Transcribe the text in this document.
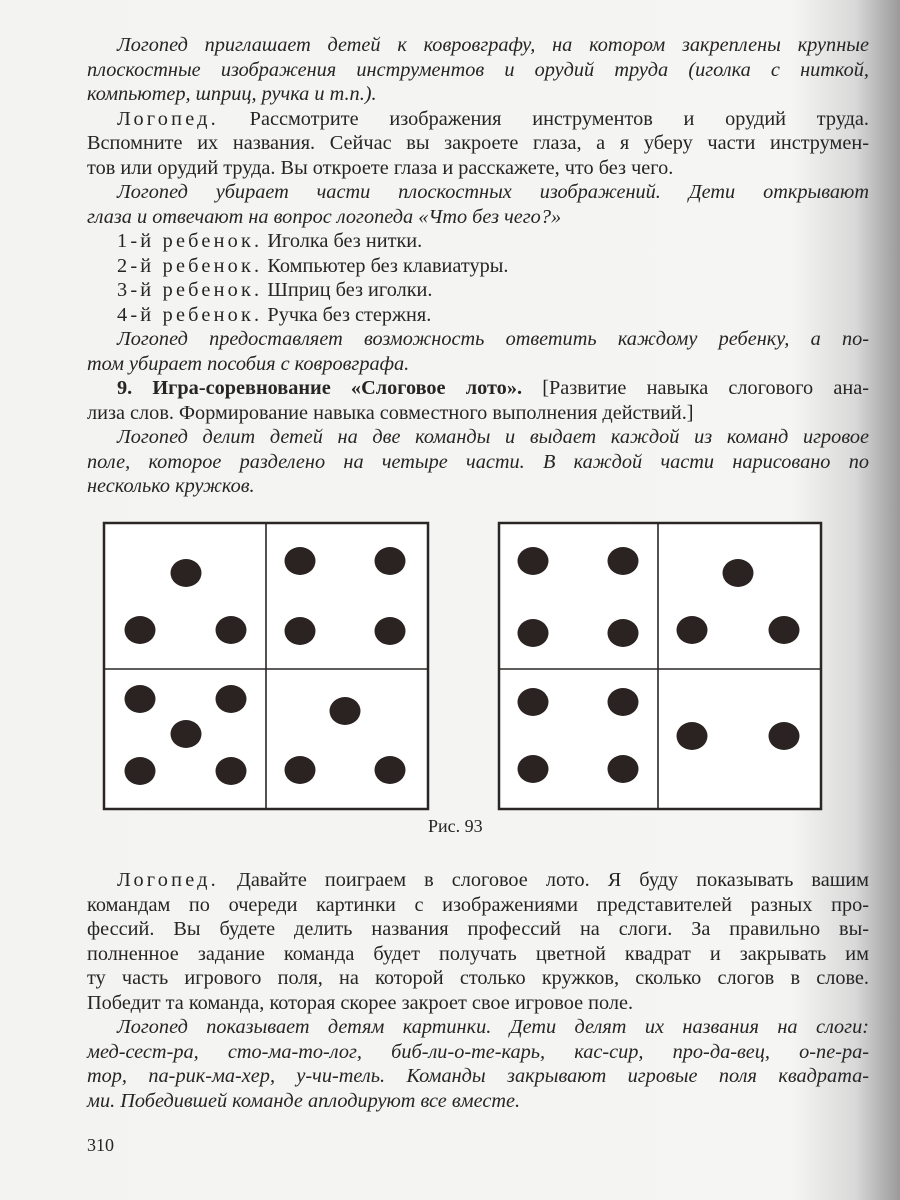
Логопед приглашает детей к ковровграфу, на котором закреплены крупные
плоскостные изображения инструментов и орудий труда (иголка с ниткой,
компьютер, шприц, ручка и т.п.).
Логопед. Рассмотрите изображения инструментов и орудий труда.
Вспомните их названия. Сейчас вы закроете глаза, а я уберу части инструмен-
тов или орудий труда. Вы откроете глаза и расскажете, что без чего.
Логопед убирает части плоскостных изображений. Дети открывают
глаза и отвечают на вопрос логопеда «Что без чего?»
1-й ребенок. Иголка без нитки.
2-й ребенок. Компьютер без клавиатуры.
3-й ребенок. Шприц без иголки.
4-й ребенок. Ручка без стержня.
Логопед предоставляет возможность ответить каждому ребенку, а по-
том убирает пособия с ковровграфа.
9. Игра-соревнование «Слоговое лото». [Развитие навыка слогового ана-
лиза слов. Формирование навыка совместного выполнения действий.]
Логопед делит детей на две команды и выдает каждой из команд игровое
поле, которое разделено на четыре части. В каждой части нарисовано по
несколько кружков.
Рис. 93
Логопед. Давайте поиграем в слоговое лото. Я буду показывать вашим
командам по очереди картинки с изображениями представителей разных про-
фессий. Вы будете делить названия профессий на слоги. За правильно вы-
полненное задание команда будет получать цветной квадрат и закрывать им
ту часть игрового поля, на которой столько кружков, сколько слогов в слове.
Победит та команда, которая скорее закроет свое игровое поле.
Логопед показывает детям картинки. Дети делят их названия на слоги:
мед-сест-ра, сто-ма-то-лог, биб-ли-о-те-карь, кас-сир, про-да-вец, о-пе-ра-
тор, па-рик-ма-хер, у-чи-тель. Команды закрывают игровые поля квадрата-
ми. Победившей команде аплодируют все вместе.
310
